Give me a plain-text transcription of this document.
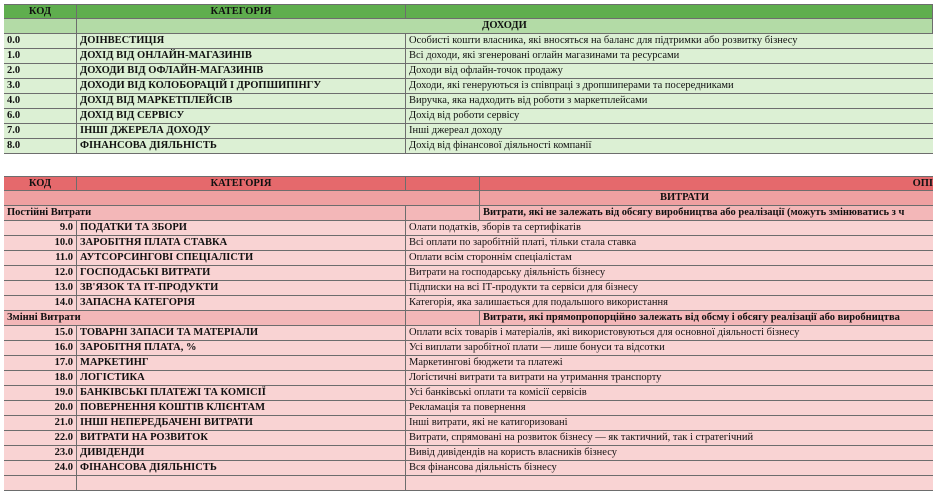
КОД	КАТЕГОРІЯ
ДОХОДИ
0.0	ДОІНВЕСТИЦІЯ	Особисті кошти власника, які вносяться на баланс для підтримки або розвитку бізнесу
1.0	ДОХІД ВІД ОНЛАЙН-МАГАЗИНІВ	Всі доходи, які згенеровані оглайн магазинами та ресурсами
2.0	ДОХОДИ ВІД ОФЛАЙН-МАГАЗИНІВ	Доходи від офлайн-точок продажу
3.0	ДОХОДИ ВІД КОЛОБОРАЦІЙ І ДРОПШИПІНГУ	Доходи, які генеруються із співпраці з дропшиперами та посередниками
4.0	ДОХІД ВІД МАРКЕТПЛЕЙСІВ	Виручка, яка надходить від роботи з маркетплейсами
6.0	ДОХІД ВІД СЕРВІСУ	Дохід від роботи сервісу
7.0	ІНШІ ДЖЕРЕЛА ДОХОДУ	Інші джереал доходу
8.0	ФІНАНСОВА ДІЯЛЬНІСТЬ	Дохід від фінансової діяльності компанії
КОД	КАТЕГОРІЯ	ОПІ
ВИТРАТИ
Постійні Витрати	Витрати, які не залежать від обсягу виробництва або реалізації (можуть змінюватись з ч
9.0 ПОДАТКИ ТА ЗБОРИ	Олати податків, зборів та сертифікатів
10.0 ЗАРОБІТНЯ ПЛАТА СТАВКА	Всі оплати по заробітній платі, тільки стала ставка
11.0 АУТСОРСИНГОВІ СПЕЦІАЛІСТИ	Оплати всім стороннім спеціалістам
12.0 ГОСПОДАСЬКІ ВИТРАТИ	Витрати на господарську діяльність бізнесу
13.0 ЗВ'ЯЗОК ТА ІТ-ПРОДУКТИ	Підписки на всі ІТ-продукти та сервіси для бізнесу
14.0 ЗАПАСНА КАТЕГОРІЯ	Категорія, яка залишається для подальшого використання
Змінні Витрати	Витрати, які прямопропорційно залежать від обсму і обсягу реалізації або виробництва
15.0 ТОВАРНІ ЗАПАСИ ТА МАТЕРІАЛИ	Оплати всіх товарів і матеріалів, які використовуються для основної діяльності бізнесу
16.0 ЗАРОБІТНЯ ПЛАТА, %	Усі виплати заробітної плати — лише бонуси та відсотки
17.0 МАРКЕТИНГ	Маркетингові бюджети та платежі
18.0 ЛОГІСТИКА	Логістичні витрати та витрати на утримання транспорту
19.0 БАНКІВСЬКІ ПЛАТЕЖІ ТА КОМІСІЇ	Усі банківські оплати та комісії сервісів
20.0 ПОВЕРНЕННЯ КОШТІВ КЛІЄНТАМ	Рекламація та повернення
21.0 ІНШІ НЕПЕРЕДБАЧЕНІ ВИТРАТИ	Інші витрати, які не катигоризовані
22.0 ВИТРАТИ НА РОЗВИТОК	Витрати, спрямовані на розвиток бізнесу — як тактичний, так і стратегічний
23.0 ДИВІДЕНДИ	Вивід дивідендів на користь власників бізнесу
24.0 ФІНАНСОВА ДІЯЛЬНІСТЬ	Вся фінансова діяльність бізнесу
